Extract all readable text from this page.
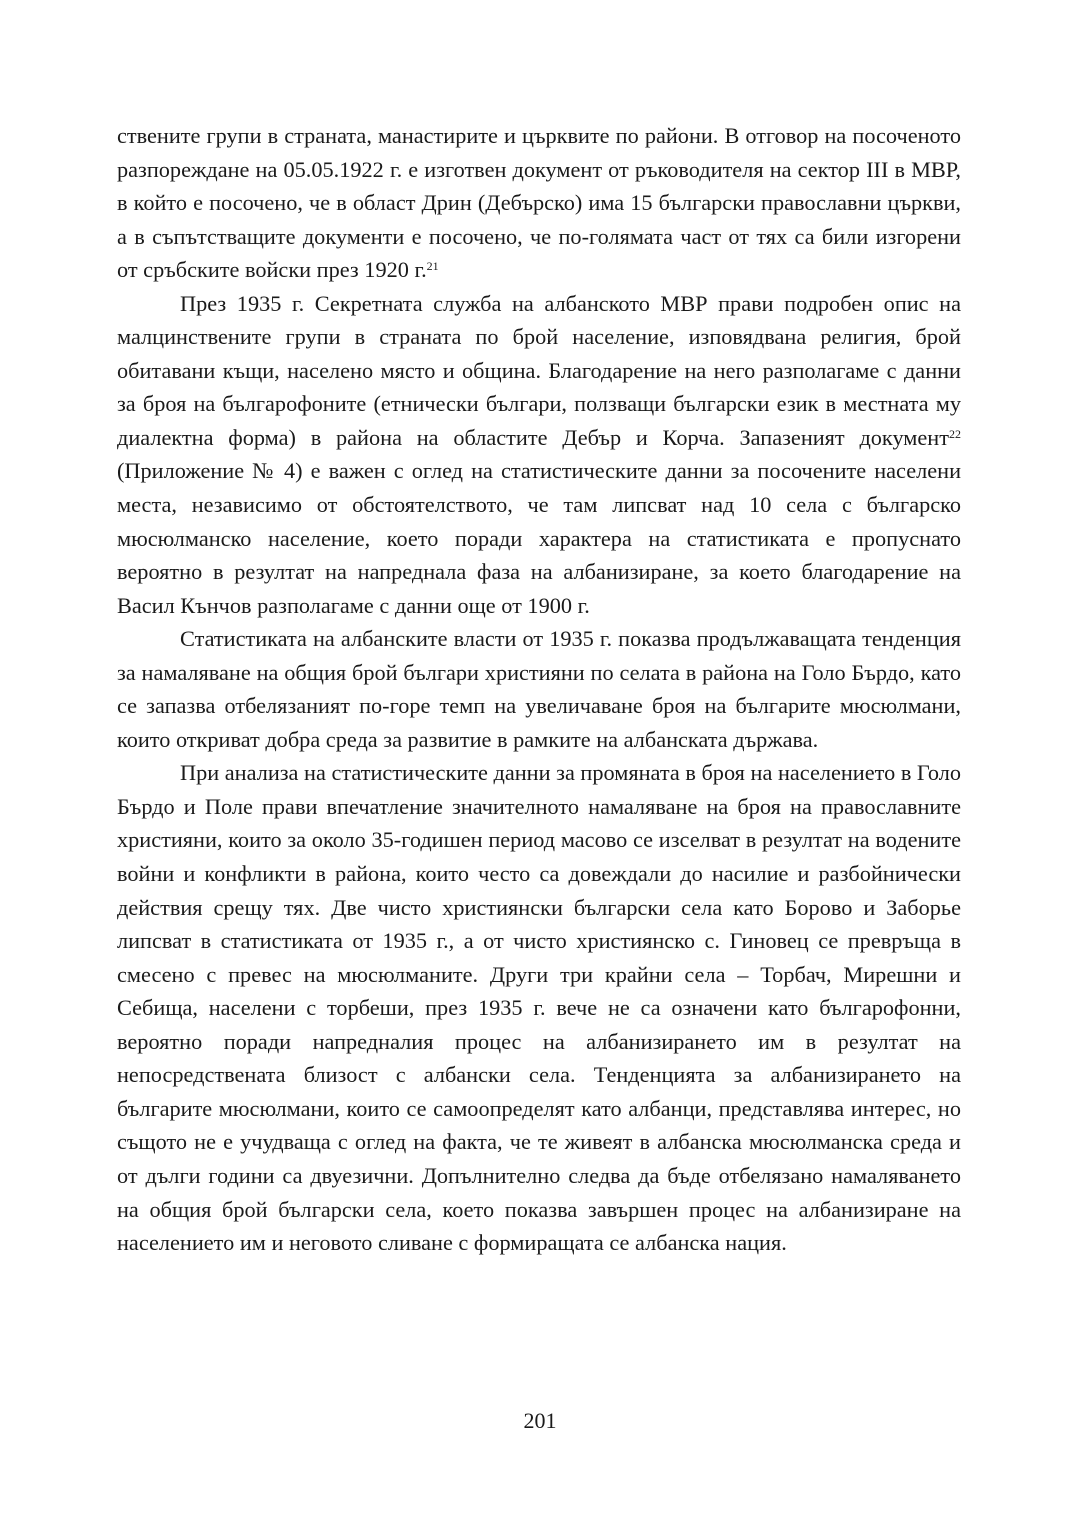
ствените групи в страната, манастирите и църквите по райони. В отговор на посоченото разпореждане на 05.05.1922 г. е изготвен документ от ръководителя на сектор III в МВР, в който е посочено, че в област Дрин (Дебърско) има 15 български православни църкви, а в съпътстващите документи е посочено, че по-голямата част от тях са били изгорени от сръбските войски през 1920 г.$^{21}$

През 1935 г. Секретната служба на албанското МВР прави подробен опис на малцинствените групи в страната по брой население, изповядвана религия, брой обитавани къщи, населено място и община. Благодарение на него разполагаме с данни за броя на българофоните (етнически българи, ползващи български език в местната му диалектна форма) в района на областите Дебър и Корча. Запазеният документ$^{22}$ (Приложение № 4) е важен с оглед на статистическите данни за посочените населени места, независимо от обстоятелството, че там липсват над 10 села с българско мюсюлманско население, което поради характера на статистиката е пропуснато вероятно в резултат на напреднала фаза на албанизиране, за което благодарение на Васил Кънчов разполагаме с данни още от 1900 г.

Статистиката на албанските власти от 1935 г. показва продължаващата тенденция за намаляване на общия брой българи християни по селата в района на Голо Бърдо, като се запазва отбелязаният по-горе темп на увеличаване броя на българите мюсюлмани, които откриват добра среда за развитие в рамките на албанската държава.

При анализа на статистическите данни за промяната в броя на населението в Голо Бърдо и Поле прави впечатление значителното намаляване на броя на православните християни, които за около 35-годишен период масово се изселват в резултат на водените войни и конфликти в района, които често са довеждали до насилие и разбойнически действия срещу тях. Две чисто християнски български села като Борово и Заборье липсват в статистиката от 1935 г., а от чисто християнско с. Гиновец се превръща в смесено с превес на мюсюлманите. Други три крайни села – Торбач, Мирешни и Себища, населени с торбеши, през 1935 г. вече не са означени като българофонни, вероятно поради напредналия процес на албанизирането им в резултат на непосредствената близост с албански села. Тенденцията за албанизирането на българите мюсюлмани, които се самоопределят като албанци, представлява интерес, но същото не е учудваща с оглед на факта, че те живеят в албанска мюсюлманска среда и от дълги години са двуезични. Допълнително следва да бъде отбелязано намаляването на общия брой български села, което показва завършен процес на албанизиране на населението им и неговото сливане с формиращата се албанска нация.

201
